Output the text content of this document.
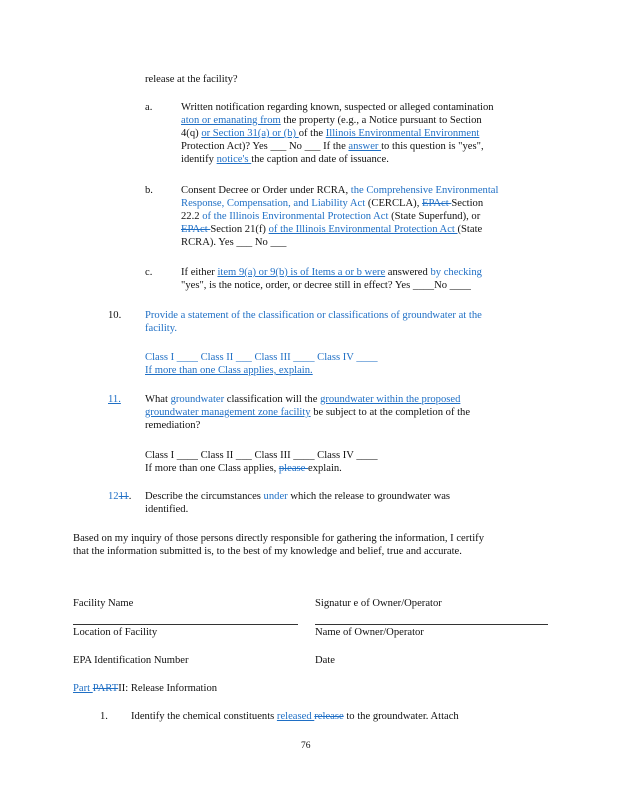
release at the facility?
a.	Written notification regarding known, suspected or alleged contamination
aton or emanating from the property (e.g., a Notice pursuant to Section
4(q) or Section 31(a) or (b) of the Illinois Environmental Environment
Protection Act)? Yes ___ No ___ If the answer to this question is "yes",
identify notice's the caption and date of issuance.
b.	Consent Decree or Order under RCRA, the Comprehensive Environmental
Response, Compensation, and Liability Act (CERCLA), EPAct Section
22.2 of the Illinois Environmental Protection Act (State Superfund), or
EPAct Section 21(f) of the Illinois Environmental Protection Act (State
RCRA). Yes ___ No ___
c.	If either item 9(a) or 9(b) is of Items a or b were answered by checking
"yes", is the notice, order, or decree still in effect? Yes ____No ____
10. Provide a statement of the classification or classifications of groundwater at the
facility.
Class I ____ Class II ___ Class III ____ Class IV ____
If more than one Class applies, explain.
11.	What groundwater classification will the groundwater within the proposed
groundwater management zone facility be subject to at the completion of the
remediation?
Class I ____ Class II ___ Class III ____ Class IV ____
If more than one Class applies, please explain.
1211. Describe the circumstances under which the release to groundwater was
identified.
Based on my inquiry of those persons directly responsible for gathering the information, I certify
that the information submitted is, to the best of my knowledge and belief, true and accurate.
Facility Name	Signatur e of Owner/Operator
Location of Facility	Name of Owner/Operator
EPA Identification Number	Date
Part PARTII: Release Information
1. Identify the chemical constituents released release to the groundwater. Attach
76
